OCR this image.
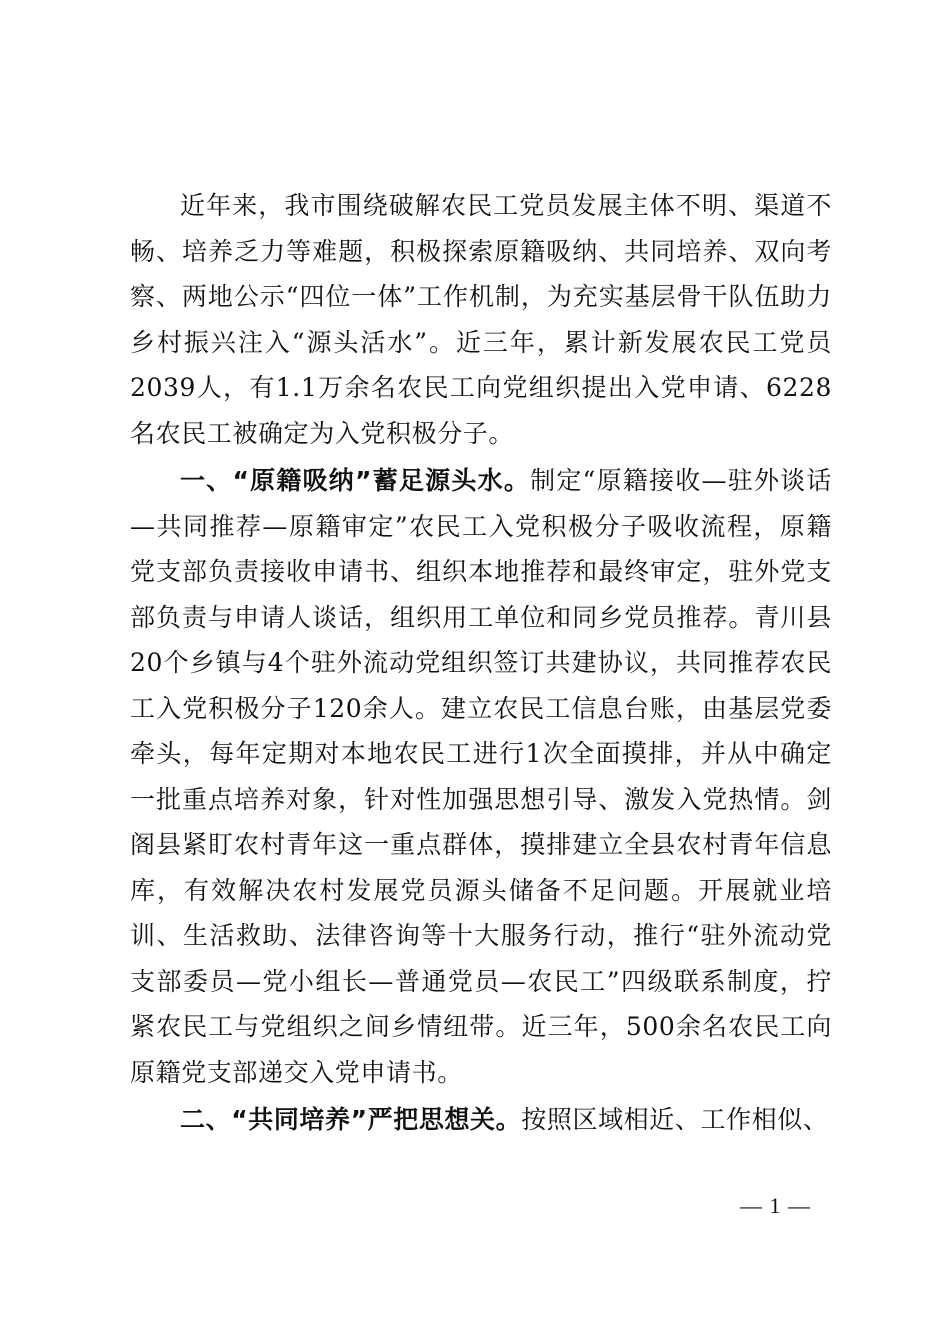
近年来，我市围绕破解农民工党员发展主体不明、渠道不畅、培养乏力等难题，积极探索原籍吸纳、共同培养、双向考察、两地公示“四位一体”工作机制，为充实基层骨干队伍助力乡村振兴注入“源头活水”。近三年，累计新发展农民工党员2039人，有1.1万余名农民工向党组织提出入党申请、6228名农民工被确定为入党积极分子。

一、“原籍吸纳”蓄足源头水。制定“原籍接收—驻外谈话—共同推荐—原籍审定”农民工入党积极分子吸收流程，原籍党支部负责接收申请书、组织本地推荐和最终审定，驻外党支部负责与申请人谈话，组织用工单位和同乡党员推荐。青川县20个乡镇与4个驻外流动党组织签订共建协议，共同推荐农民工入党积极分子120余人。建立农民工信息台账，由基层党委牵头，每年定期对本地农民工进行1次全面摸排，并从中确定一批重点培养对象，针对性加强思想引导、激发入党热情。剑阁县紧盯农村青年这一重点群体，摸排建立全县农村青年信息库，有效解决农村发展党员源头储备不足问题。开展就业培训、生活救助、法律咨询等十大服务行动，推行“驻外流动党支部委员—党小组长—普通党员—农民工”四级联系制度，拧紧农民工与党组织之间乡情纽带。近三年，500余名农民工向原籍党支部递交入党申请书。

二、“共同培养”严把思想关。按照区域相近、工作相似、

— 1 —
